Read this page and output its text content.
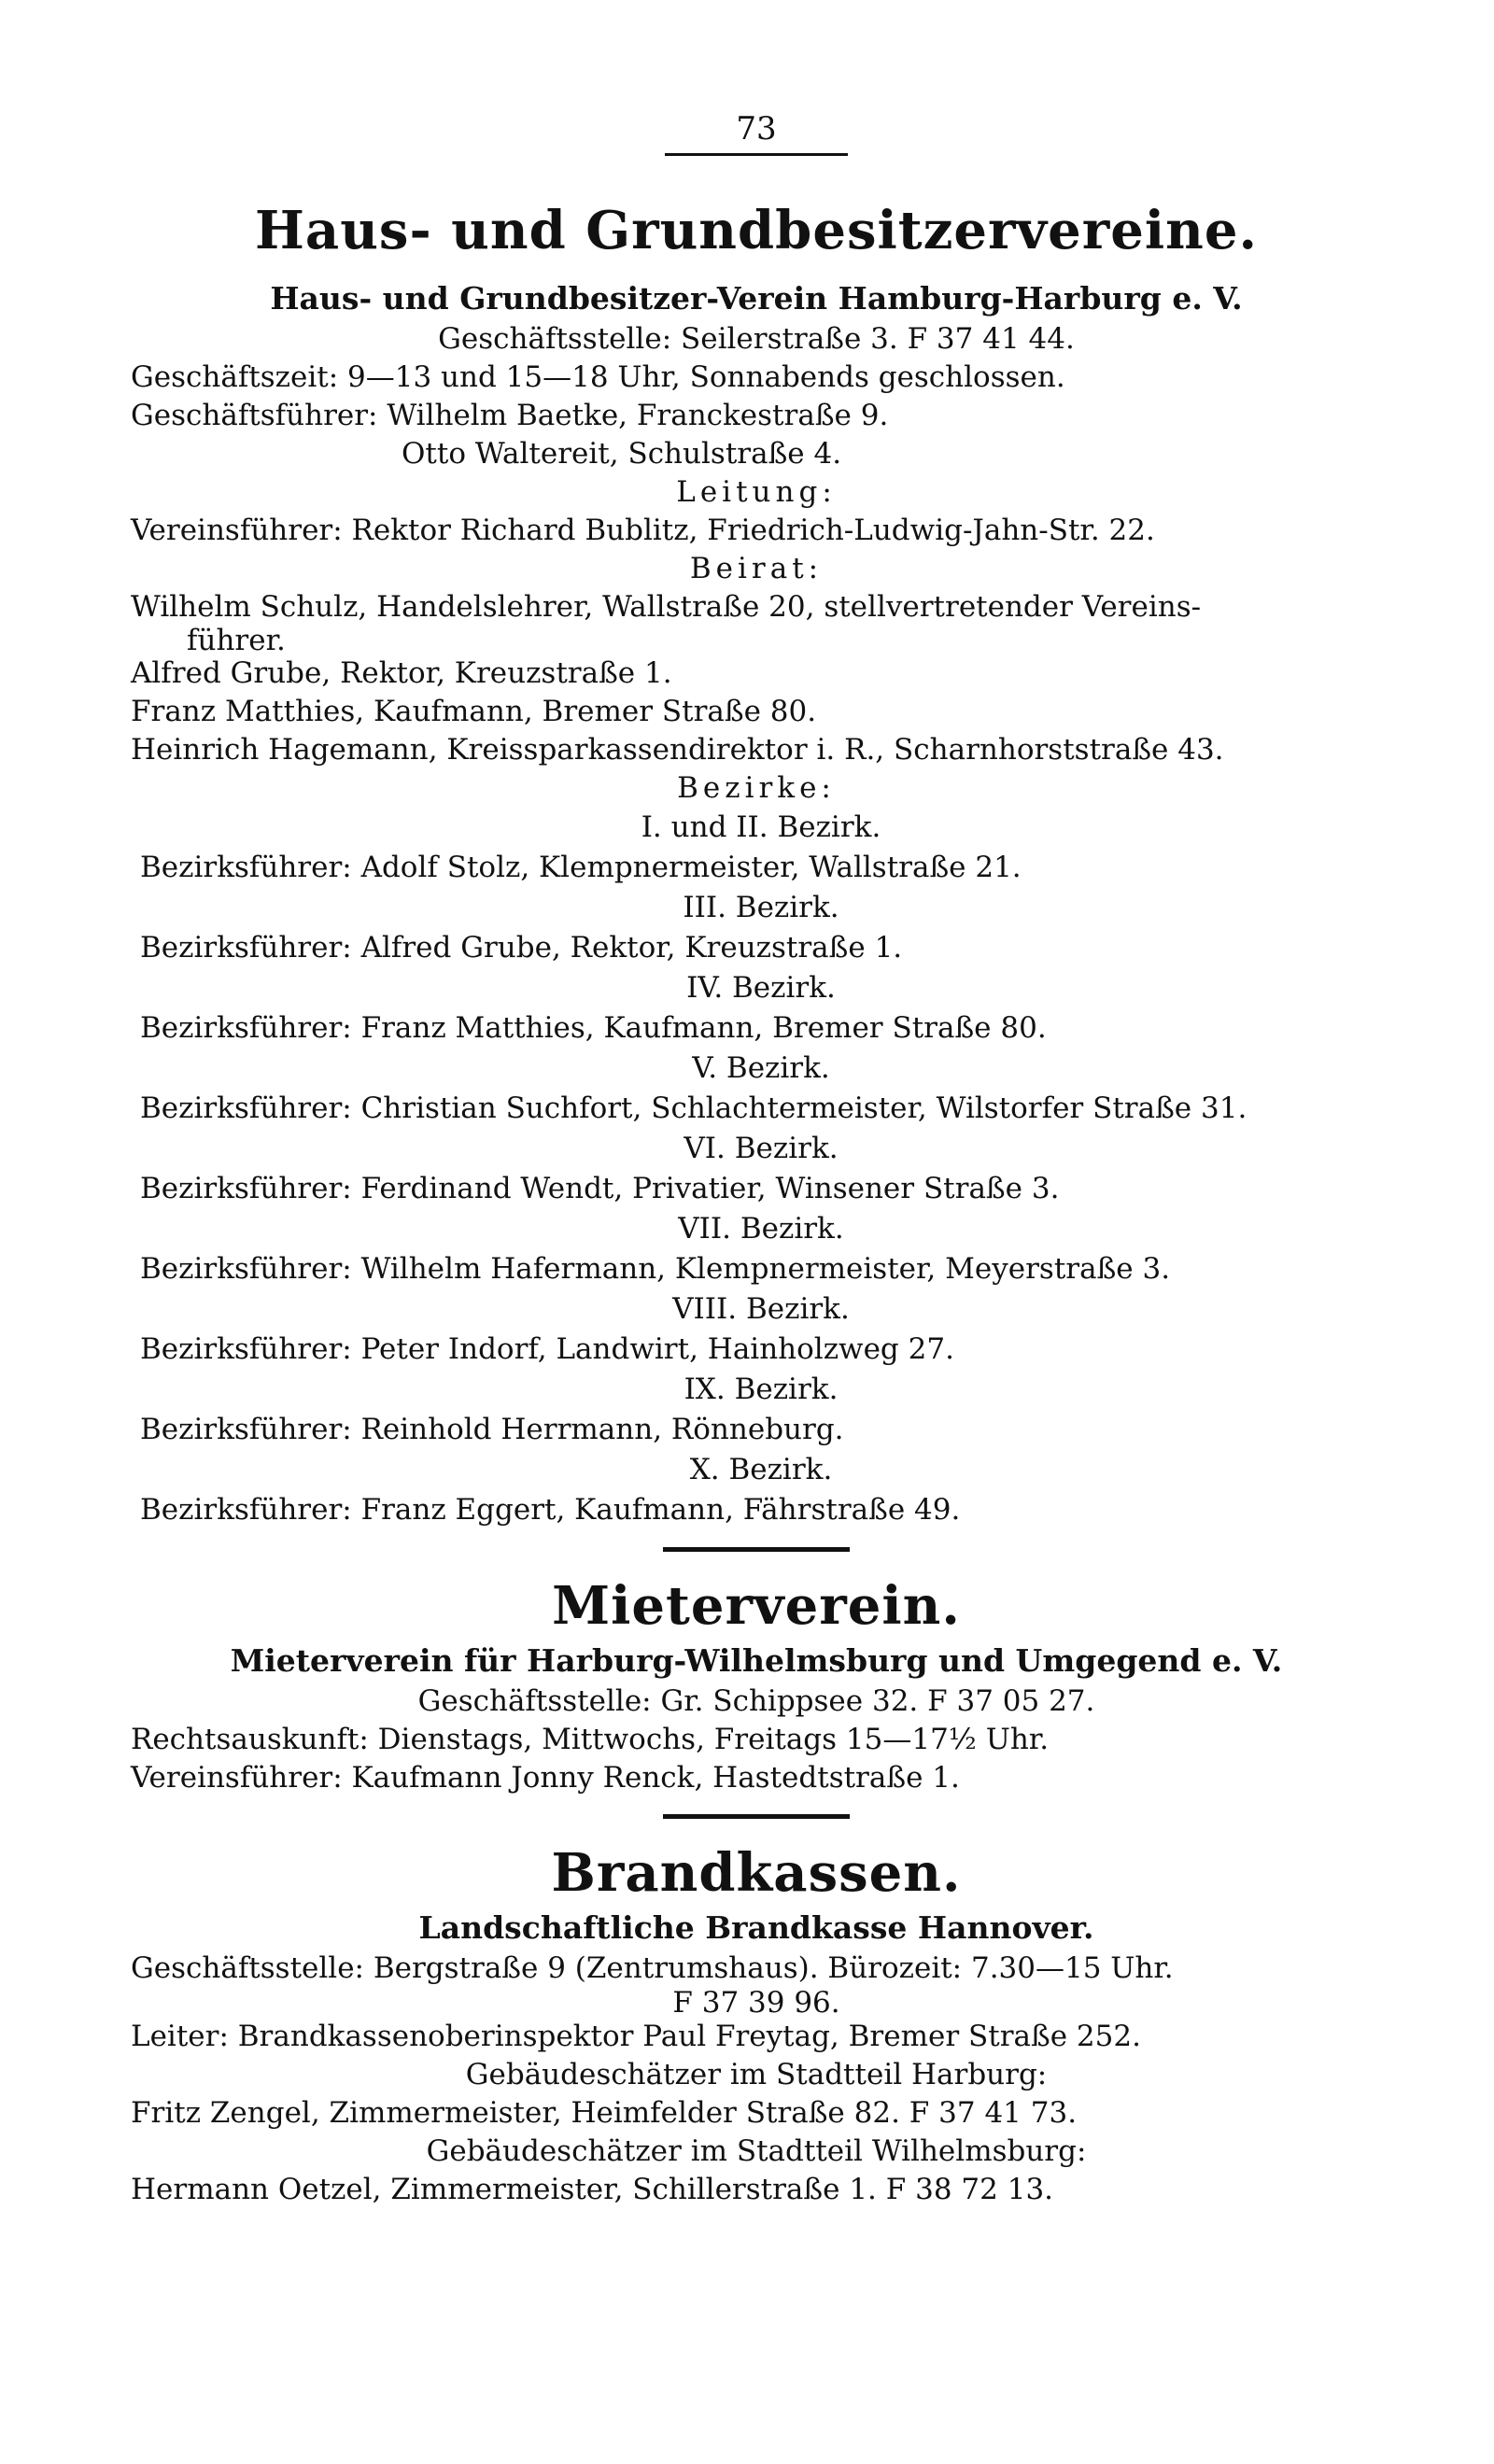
73
Haus- und Grundbesitzervereine.
Haus- und Grundbesitzer-Verein Hamburg-Harburg e. V.
Geschäftsstelle: Seilerstraße 3. F 37 41 44.
Geschäftszeit: 9—13 und 15—18 Uhr, Sonnabends geschlossen.
Geschäftsführer: Wilhelm Baetke, Franckestraße 9.
Otto Waltereit, Schulstraße 4.
Leitung:
Vereinsführer: Rektor Richard Bublitz, Friedrich-Ludwig-Jahn-Str. 22.
Beirat:
Wilhelm Schulz, Handelslehrer, Wallstraße 20, stellvertretender Vereins-
führer.
Alfred Grube, Rektor, Kreuzstraße 1.
Franz Matthies, Kaufmann, Bremer Straße 80.
Heinrich Hagemann, Kreissparkassendirektor i. R., Scharnhorststraße 43.
Bezirke:
I. und II. Bezirk.
Bezirksführer: Adolf Stolz, Klempnermeister, Wallstraße 21.
III. Bezirk.
Bezirksführer: Alfred Grube, Rektor, Kreuzstraße 1.
IV. Bezirk.
Bezirksführer: Franz Matthies, Kaufmann, Bremer Straße 80.
V. Bezirk.
Bezirksführer: Christian Suchfort, Schlachtermeister, Wilstorfer Straße 31.
VI. Bezirk.
Bezirksführer: Ferdinand Wendt, Privatier, Winsener Straße 3.
VII. Bezirk.
Bezirksführer: Wilhelm Hafermann, Klempnermeister, Meyerstraße 3.
VIII. Bezirk.
Bezirksführer: Peter Indorf, Landwirt, Hainholzweg 27.
IX. Bezirk.
Bezirksführer: Reinhold Herrmann, Rönneburg.
X. Bezirk.
Bezirksführer: Franz Eggert, Kaufmann, Fährstraße 49.
Mieterverein.
Mieterverein für Harburg-Wilhelmsburg und Umgegend e. V.
Geschäftsstelle: Gr. Schippsee 32. F 37 05 27.
Rechtsauskunft: Dienstags, Mittwochs, Freitags 15—17½ Uhr.
Vereinsführer: Kaufmann Jonny Renck, Hastedtstraße 1.
Brandkassen.
Landschaftliche Brandkasse Hannover.
Geschäftsstelle: Bergstraße 9 (Zentrumshaus). Bürozeit: 7.30—15 Uhr.
F 37 39 96.
Leiter: Brandkassenoberinspektor Paul Freytag, Bremer Straße 252.
Gebäudeschätzer im Stadtteil Harburg:
Fritz Zengel, Zimmermeister, Heimfelder Straße 82. F 37 41 73.
Gebäudeschätzer im Stadtteil Wilhelmsburg:
Hermann Oetzel, Zimmermeister, Schillerstraße 1. F 38 72 13.
